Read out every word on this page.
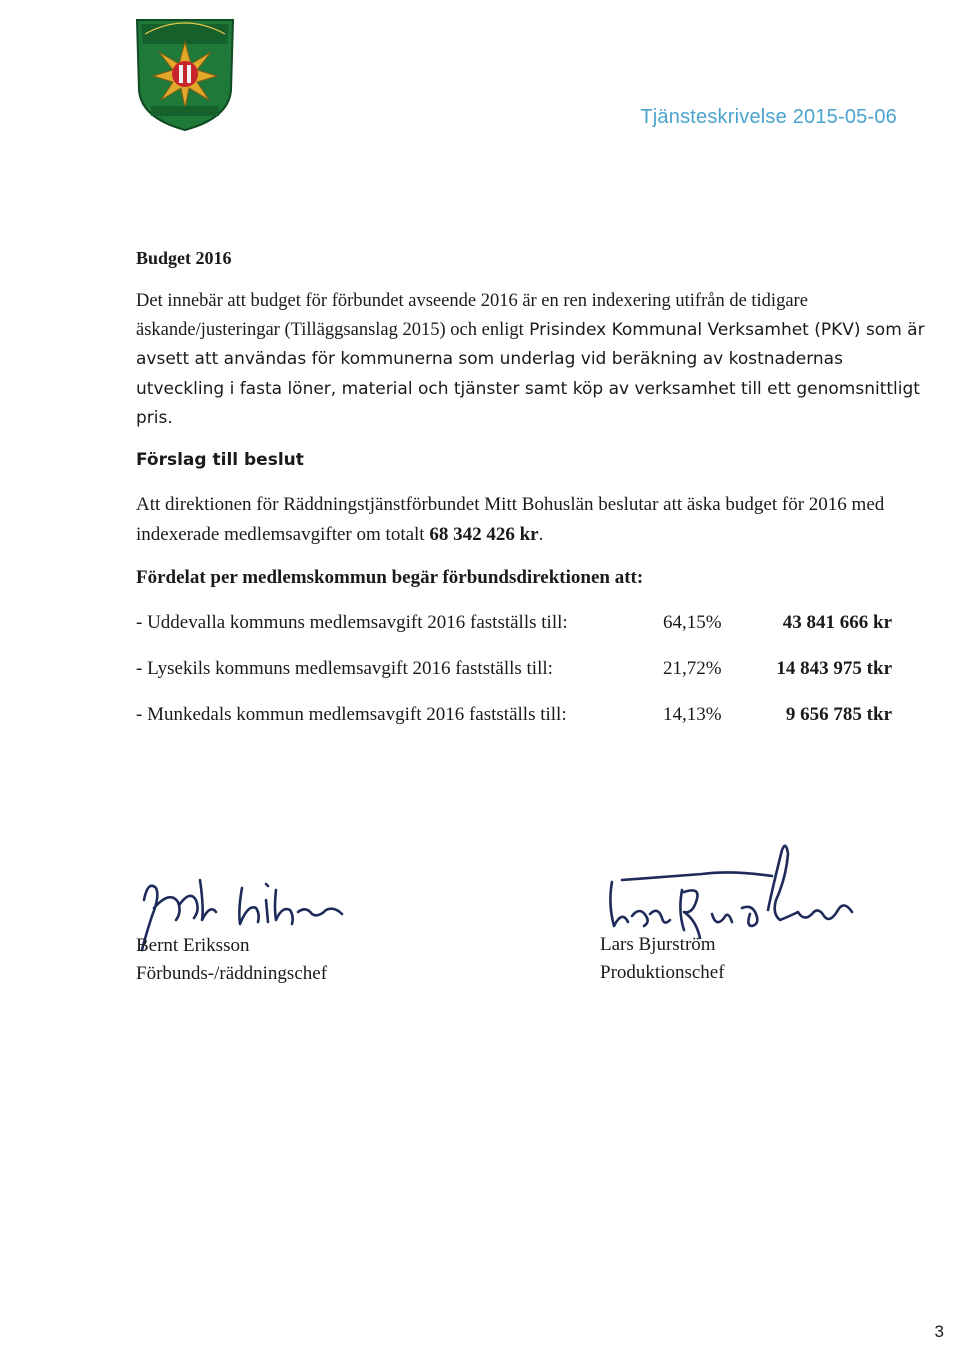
Tjänsteskrivelse 2015-05-06
Budget 2016

Det innebär att budget för förbundet avseende 2016 är en ren indexering utifrån de tidigare äskande/justeringar (Tilläggsanslag 2015) och enligt Prisindex Kommunal Verksamhet (PKV) som är avsett att användas för kommunerna som underlag vid beräkning av kostnadernas utveckling i fasta löner, material och tjänster samt köp av verksamhet till ett genomsnittligt pris.

Förslag till beslut

Att direktionen för Räddningstjänstförbundet Mitt Bohuslän beslutar att äska budget för 2016 med indexerade medlemsavgifter om totalt 68 342 426 kr.

Fördelat per medlemskommun begär förbundsdirektionen att:
- Uddevalla kommuns medlemsavgift 2016 fastställs till:	64,15%	43 841 666 kr
- Lysekils kommuns medlemsavgift 2016 fastställs till:	21,72%	14 843 975 tkr
- Munkedals kommun medlemsavgift 2016 fastställs till:	14,13%	9 656 785 tkr
Bernt Eriksson
Förbunds-/räddningschef
Lars Bjurström
Produktionschef
3
